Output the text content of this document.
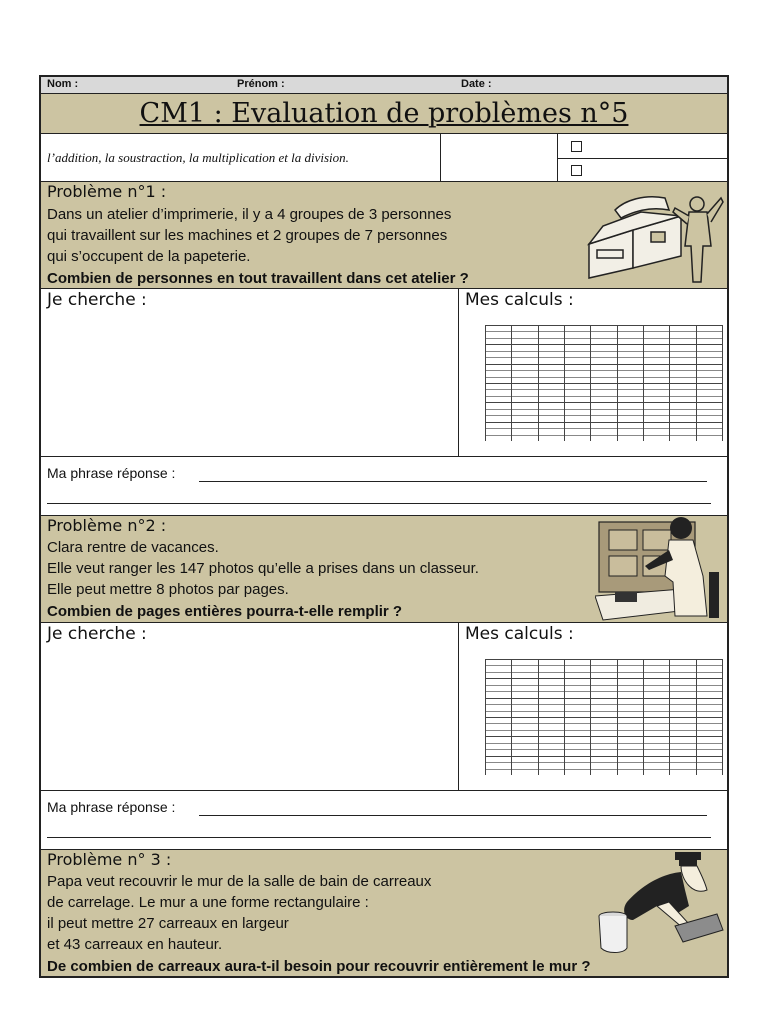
Nom :	Prénom :	Date :
CM1 : Evaluation de problèmes n°5
l’addition, la soustraction, la multiplication et la division.
Problème n°1 :
Dans un atelier d’imprimerie, il y a 4 groupes de 3 personnes
qui travaillent sur les machines et 2 groupes de 7 personnes
qui s’occupent de la papeterie.
Combien de personnes en tout travaillent dans cet atelier ?
Je cherche :	Mes calculs :
Ma phrase réponse :
Problème n°2 :
Clara rentre de vacances.
Elle veut ranger les 147 photos qu’elle a prises dans un classeur.
Elle peut mettre 8 photos par pages.
Combien de pages entières pourra-t-elle remplir ?
Je cherche :	Mes calculs :
Ma phrase réponse :
Problème n° 3 :
Papa veut recouvrir le mur de la salle de bain de carreaux
de carrelage. Le mur a une forme rectangulaire :
il peut mettre 27 carreaux en largeur
et 43 carreaux en hauteur.
De combien de carreaux aura-t-il besoin pour recouvrir entièrement le mur ?
